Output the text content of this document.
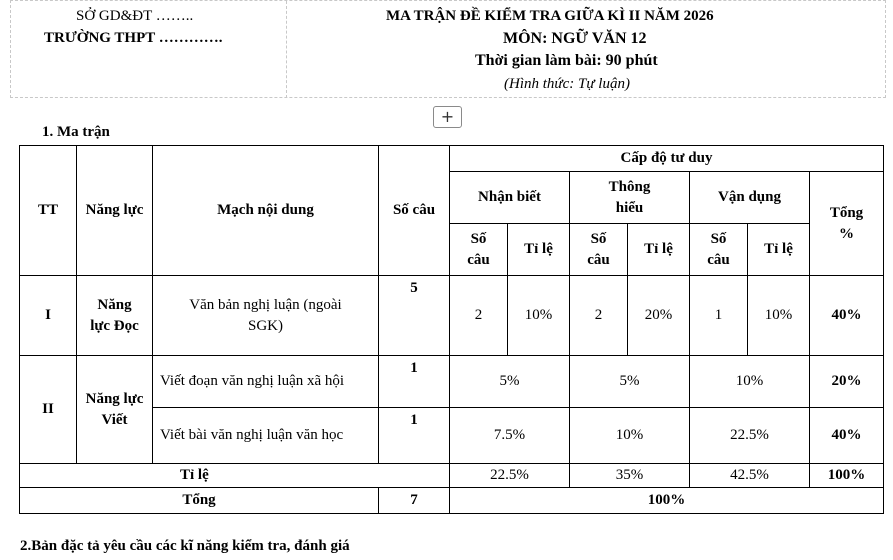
SỞ GD&ĐT ……..
TRƯỜNG THPT ………….
MA TRẬN ĐỀ KIỂM TRA GIỮA KÌ II NĂM 2026
MÔN: NGỮ VĂN 12
Thời gian làm bài: 90 phút
(Hình thức: Tự luận)
+
1. Ma trận
TT	Năng lực	Mạch nội dung	Số câu	Cấp độ tư duy						
				Nhận biết		Thông hiểu		Vận dụng		Tổng %
				Số câu	Tỉ lệ	Số câu	Tỉ lệ	Số câu	Tỉ lệ	
I	Năng lực Đọc	Văn bản nghị luận (ngoài SGK)	5	2	10%	2	20%	1	10%	40%
II	Năng lực Viết	Viết đoạn văn nghị luận xã hội	1	5%		5%		10%		20%
		Viết bài văn nghị luận văn học	1	7.5%		10%		22.5%		40%
Tỉ lệ				22.5%		35%		42.5%		100%
Tổng			7	100%						
2.Bản đặc tả yêu cầu các kĩ năng kiểm tra, đánh giá
